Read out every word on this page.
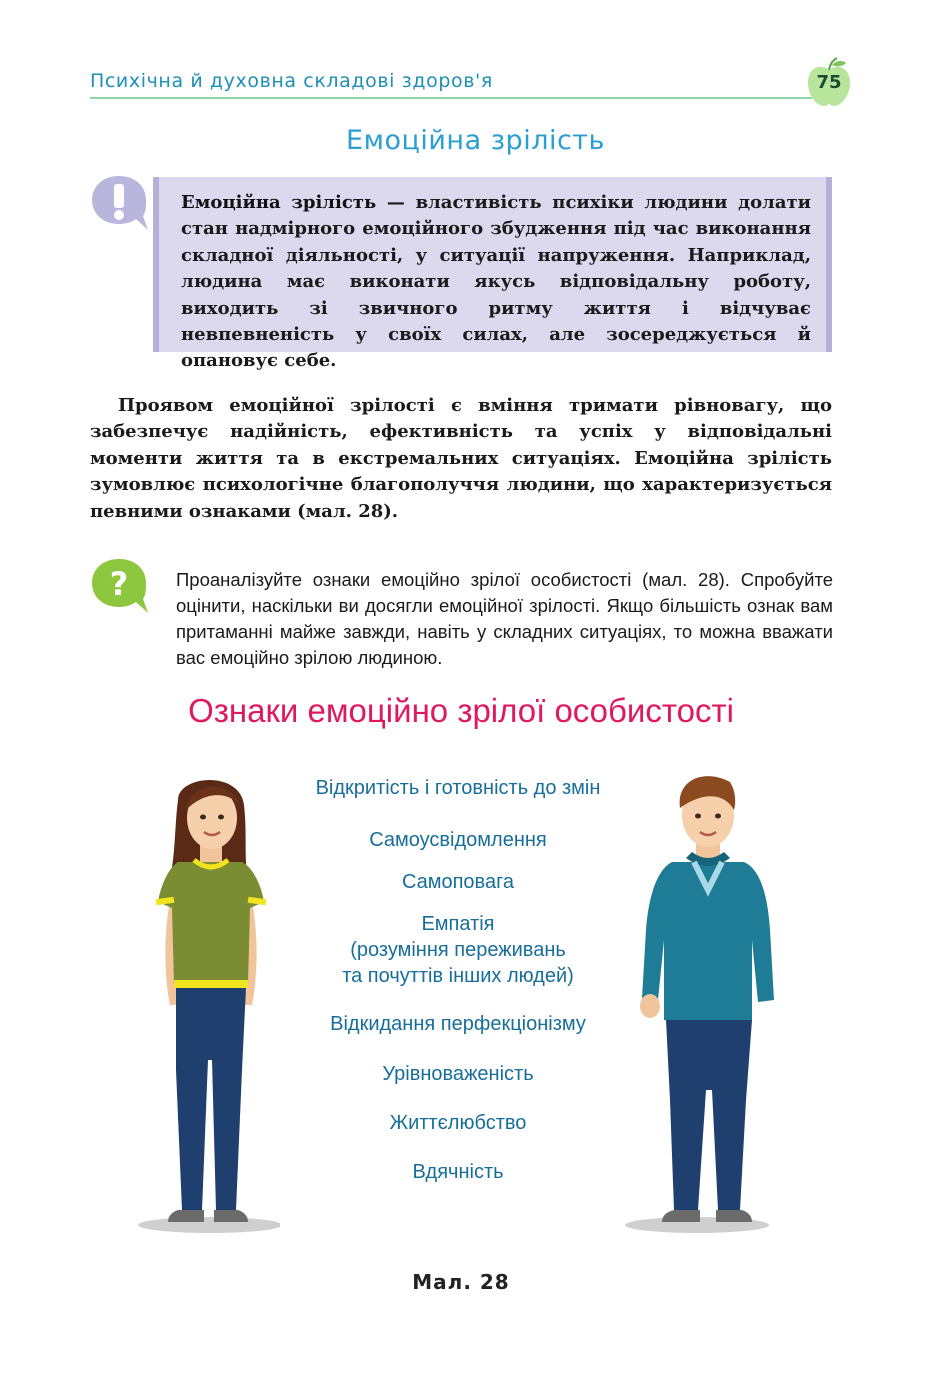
Психічна й духовна складові здоров'я	75
Емоційна зрілість
Емоційна зрілість — властивість психіки людини долати стан надмірного емоційного збудження під час виконання складної діяльності, у ситуації напруження. Наприклад, людина має виконати якусь відповідальну роботу, виходить зі звичного ритму життя і відчуває невпевненість у своїх силах, але зосереджується й опановує себе.
Проявом емоційної зрілості є вміння тримати рівновагу, що забезпечує надійність, ефективність та успіх у відповідальні моменти життя та в екстремальних ситуаціях. Емоційна зрілість зумовлює психологічне благополуччя людини, що характеризується певними ознаками (мал. 28).
?	Проаналізуйте ознаки емоційно зрілої особистості (мал. 28). Спробуйте оцінити, наскільки ви досягли емоційної зрілості. Якщо більшість ознак вам притаманні майже завжди, навіть у складних ситуаціях, то можна вважати вас емоційно зрілою людиною.
Ознаки емоційно зрілої особистості
Відкритість і готовність до змін
Самоусвідомлення
Самоповага
Емпатія
(розуміння переживань
та почуттів інших людей)
Відкидання перфекціонізму
Урівноваженість
Життєлюбство
Вдячність
Мал. 28
